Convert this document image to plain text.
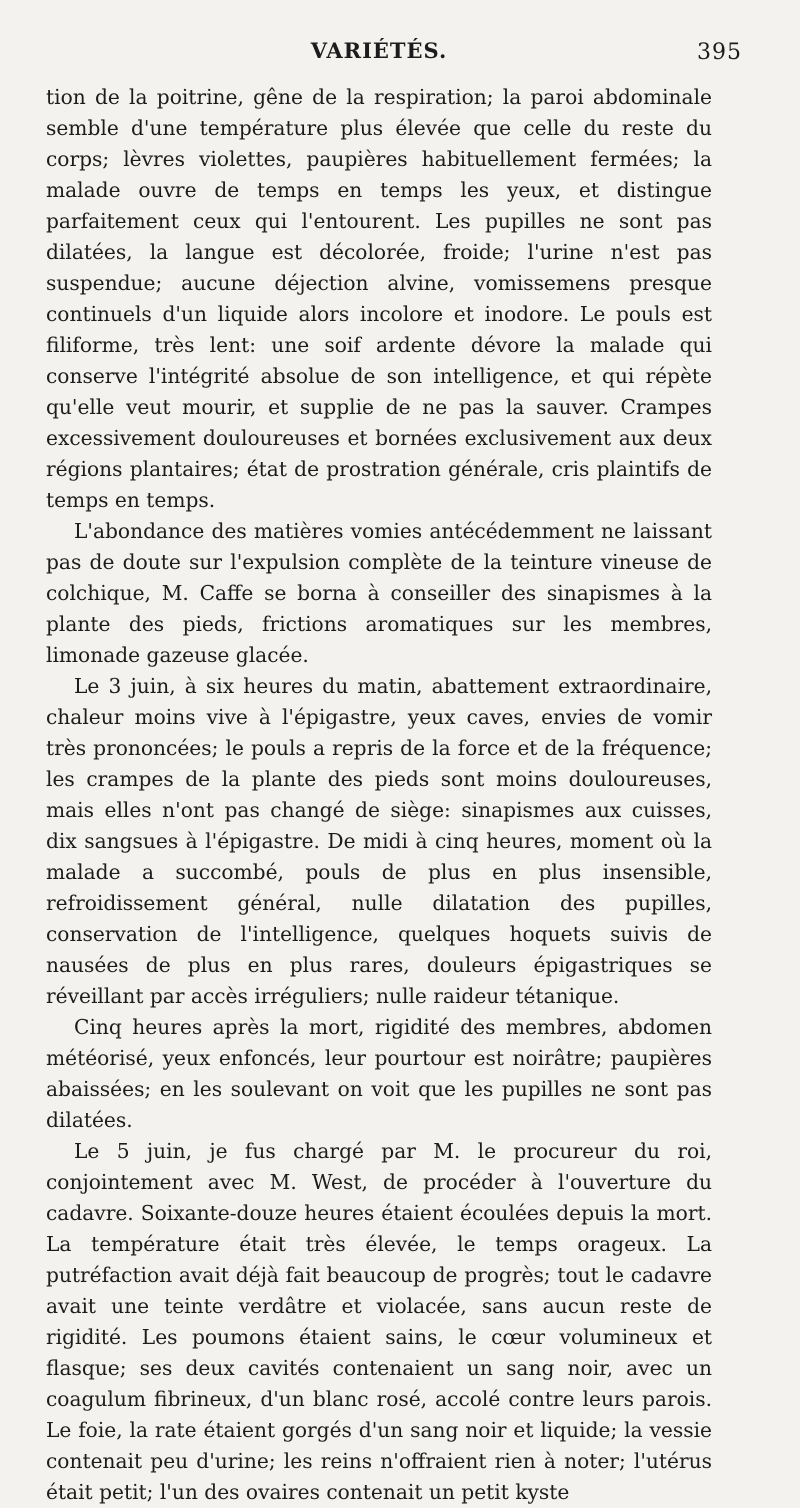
VARIÉTÉS.	395

tion de la poitrine, gêne de la respiration; la paroi abdominale semble d'une température plus élevée que celle du reste du corps; lèvres violettes, paupières habituellement fermées; la malade ouvre de temps en temps les yeux, et distingue parfaitement ceux qui l'entourent. Les pupilles ne sont pas dilatées, la langue est décolorée, froide; l'urine n'est pas suspendue; aucune déjection alvine, vomissemens presque continuels d'un liquide alors incolore et inodore. Le pouls est filiforme, très lent: une soif ardente dévore la malade qui conserve l'intégrité absolue de son intelligence, et qui répète qu'elle veut mourir, et supplie de ne pas la sauver. Crampes excessivement douloureuses et bornées exclusivement aux deux régions plantaires; état de prostration générale, cris plaintifs de temps en temps.

L'abondance des matières vomies antécédemment ne laissant pas de doute sur l'expulsion complète de la teinture vineuse de colchique, M. Caffe se borna à conseiller des sinapismes à la plante des pieds, frictions aromatiques sur les membres, limonade gazeuse glacée.

Le 3 juin, à six heures du matin, abattement extraordinaire, chaleur moins vive à l'épigastre, yeux caves, envies de vomir très prononcées; le pouls a repris de la force et de la fréquence; les crampes de la plante des pieds sont moins douloureuses, mais elles n'ont pas changé de siège: sinapismes aux cuisses, dix sangsues à l'épigastre. De midi à cinq heures, moment où la malade a succombé, pouls de plus en plus insensible, refroidissement général, nulle dilatation des pupilles, conservation de l'intelligence, quelques hoquets suivis de nausées de plus en plus rares, douleurs épigastriques se réveillant par accès irréguliers; nulle raideur tétanique.

Cinq heures après la mort, rigidité des membres, abdomen météorisé, yeux enfoncés, leur pourtour est noirâtre; paupières abaissées; en les soulevant on voit que les pupilles ne sont pas dilatées.

Le 5 juin, je fus chargé par M. le procureur du roi, conjointement avec M. West, de procéder à l'ouverture du cadavre. Soixante-douze heures étaient écoulées depuis la mort. La température était très élevée, le temps orageux. La putréfaction avait déjà fait beaucoup de progrès; tout le cadavre avait une teinte verdâtre et violacée, sans aucun reste de rigidité. Les poumons étaient sains, le cœur volumineux et flasque; ses deux cavités contenaient un sang noir, avec un coagulum fibrineux, d'un blanc rosé, accolé contre leurs parois. Le foie, la rate étaient gorgés d'un sang noir et liquide; la vessie contenait peu d'urine; les reins n'offraient rien à noter; l'utérus était petit; l'un des ovaires contenait un petit kyste
